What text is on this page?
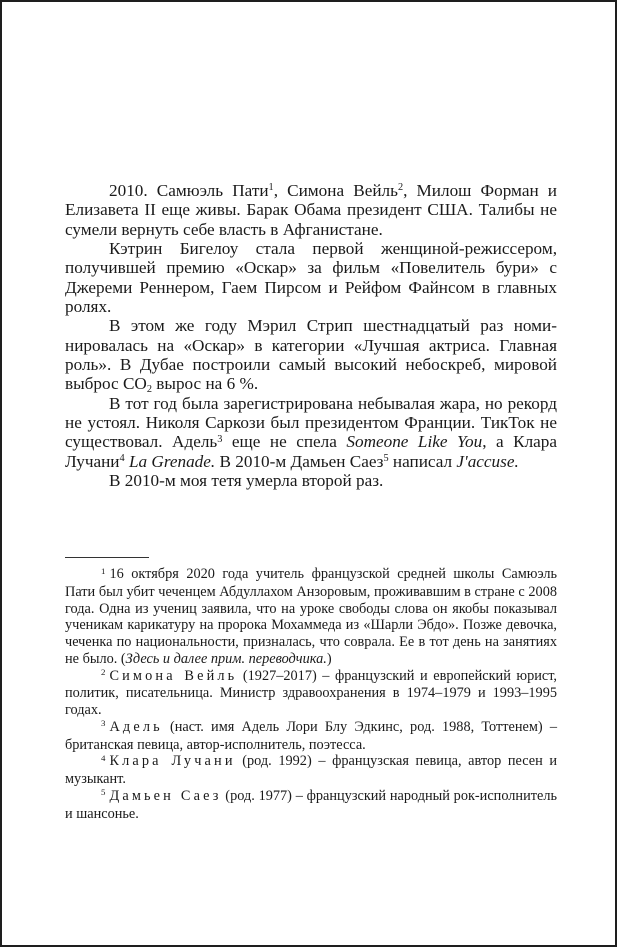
2010. Самюэль Пати$^1$, Симона Вейль$^2$, Милош Форман и Елизавета II еще живы. Барак Обама президент США. Талибы не сумели вернуть себе власть в Афганистане.

Кэтрин Бигелоу стала первой женщиной-режиссером, получившей премию «Оскар» за фильм «Повелитель бури» с Джереми Реннером, Гаем Пирсом и Рейфом Файнсом в главных ролях.

В этом же году Мэрил Стрип шестнадцатый раз номинировалась на «Оскар» в категории «Лучшая актриса. Главная роль». В Дубае построили самый высокий небоскреб, мировой выброс $CO_2$ вырос на 6 %.

В тот год была зарегистрирована небывалая жара, но рекорд не устоял. Николя Саркози был президентом Франции. ТикТок не существовал. Адель$^3$ еще не спела Someone Like You, а Клара Лучани$^4$ La Grenade. В 2010-м Дамьен Саез$^5$ написал J'accuse.

В 2010-м моя тетя умерла второй раз.

$^1$ 16 октября 2020 года учитель французской средней школы Самюэль Пати был убит чеченцем Абдуллахом Анзоровым, проживавшим в стране с 2008 года. Одна из учениц заявила, что на уроке свободы слова он якобы показывал ученикам карикатуру на пророка Мохаммеда из «Шарли Эбдо». Позже девочка, чеченка по национальности, призналась, что соврала. Ее в тот день на занятиях не было. (Здесь и далее прим. переводчика.)

$^2$ Симона Вейль (1927–2017) – французский и европейский юрист, политик, писательница. Министр здравоохранения в 1974–1979 и 1993–1995 годах.

$^3$ Адель (наст. имя Адель Лори Блу Эдкинс, род. 1988, Тоттенем) – британская певица, автор-исполнитель, поэтесса.

$^4$ Клара Лучани (род. 1992) – французская певица, автор песен и музыкант.

$^5$ Дамьен Саез (род. 1977) – французский народный рок-исполнитель и шансонье.
